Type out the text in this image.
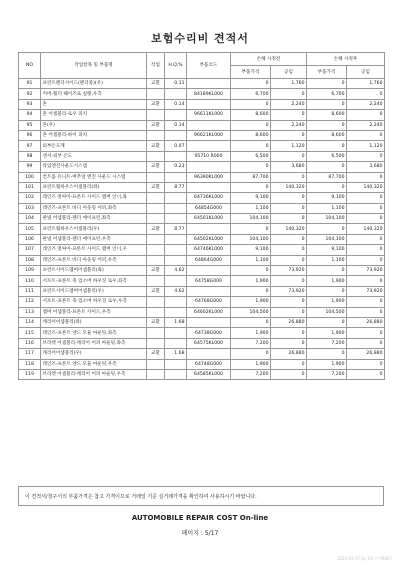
보험수리비 견적서
NO	작업항목 및 부품명	작업	H.Q,%	부품코드	손해 사정전		손해 사정후	
					부품가격	공임	부품가격	공임
91	프런트펜더사이드(펜더몰)(우)	교환	0.11		0	1,760	0	1,760
92	커버-휠더 헤이즈로 실렛,우측			84189KL000	6,700	0	6,700	0
93	혼	교환	0.14		0	2,240	0	2,240
94	혼 어셈블리-로우 피치			96611KL000	8,600	0	8,600	0
95	혼(우)	교환	0.14		0	2,240	0	2,240
96	혼 어셈블리-하이 피치			96621KL000	8,600	0	8,600	0
97	외부온도계	교환	0.07		0	1,120	0	1,120
98	센서-외부 온도			95710 R000	6,500	0	6,500	0
99	라임엔진사운드시스템	교환	0.23		0	3,680	0	3,680
100	컨트롤 유니트-버추얼 엔진 사운드 시스템			96390KL000	87,700	0	87,700	0
101	프런트휠하우스어셈블리(좌)	교환	8.77		0	140,320	0	140,320
102	레인즈 멋싸이-프론트 사이드 멤버 인너,좌			64736KL000	9,100	0	9,100	0
103	레인즈-프론트 바디 아웃링 어퍼,좌측			64854G000	1,100	0	1,100	0
104	판넬 어셈블리-펜더 에이프런,좌측			64501KL000	104,100	0	104,100	0
105	프런트휠하우스어셈블리(우)	교환	8.77		0	140,320	0	140,320
106	판넬 어셈블리-펜더 에이프런,우측			64502KL000	104,100	0	104,100	0
107	레인즈 멋싸이-프론트 사이드 멤버 인너,우			64746KL000	9,100	0	9,100	0
108	레인즈-프론트 바디 아웃링 어퍼,우측			64864G000	1,100	0	1,100	0
109	프런트사이드멤버어셈블리(좌)	교환	4.62		0	73,920	0	73,920
110	서포트-프론트 축 업소버 하우징 로우,좌측			64758G000	1,900	0	1,900	0
111	프런트사이드멤버어셈블리(우)	교환	4.62		0	73,920	0	73,920
112	서포트-프론트 축 업소버 하우징 로우,우측			64768G000	1,900	0	1,900	0
113	멤버 어셈블리-프론트 사이드,우측			64602KL000	104,500	0	104,500	0
114	캐리어어셈블리(좌)	교환	1.68		0	26,880	0	26,880
115	레인즈-프론트 엔드 모듈 마운팅,좌측			64738G000	1,900	0	1,900	0
116	브라켓 어셈블리-캐리어 어퍼 마운팅,좌측			64575KL000	7,200	0	7,200	0
117	캐리어어셈블리(우)	교환	1.68		0	26,880	0	26,880
118	레인즈-프론트 엔드 모듈 마운팅,우측			64748G000	1,900	0	1,900	0
119	브라켓 어셈블리-캐리어 어퍼 마운팅,우측			64585KL000	7,200	0	7,200	0
이 견적서/청구서의 부품가격은 참고 가격이므로 거래일 기준 실거래가격을 확인하여 사용하시기 바랍니다.
AUTOMOBILE REPAIR COST On-line
페이지 : 5/17
2024-03-07 by SA 가 P8807
